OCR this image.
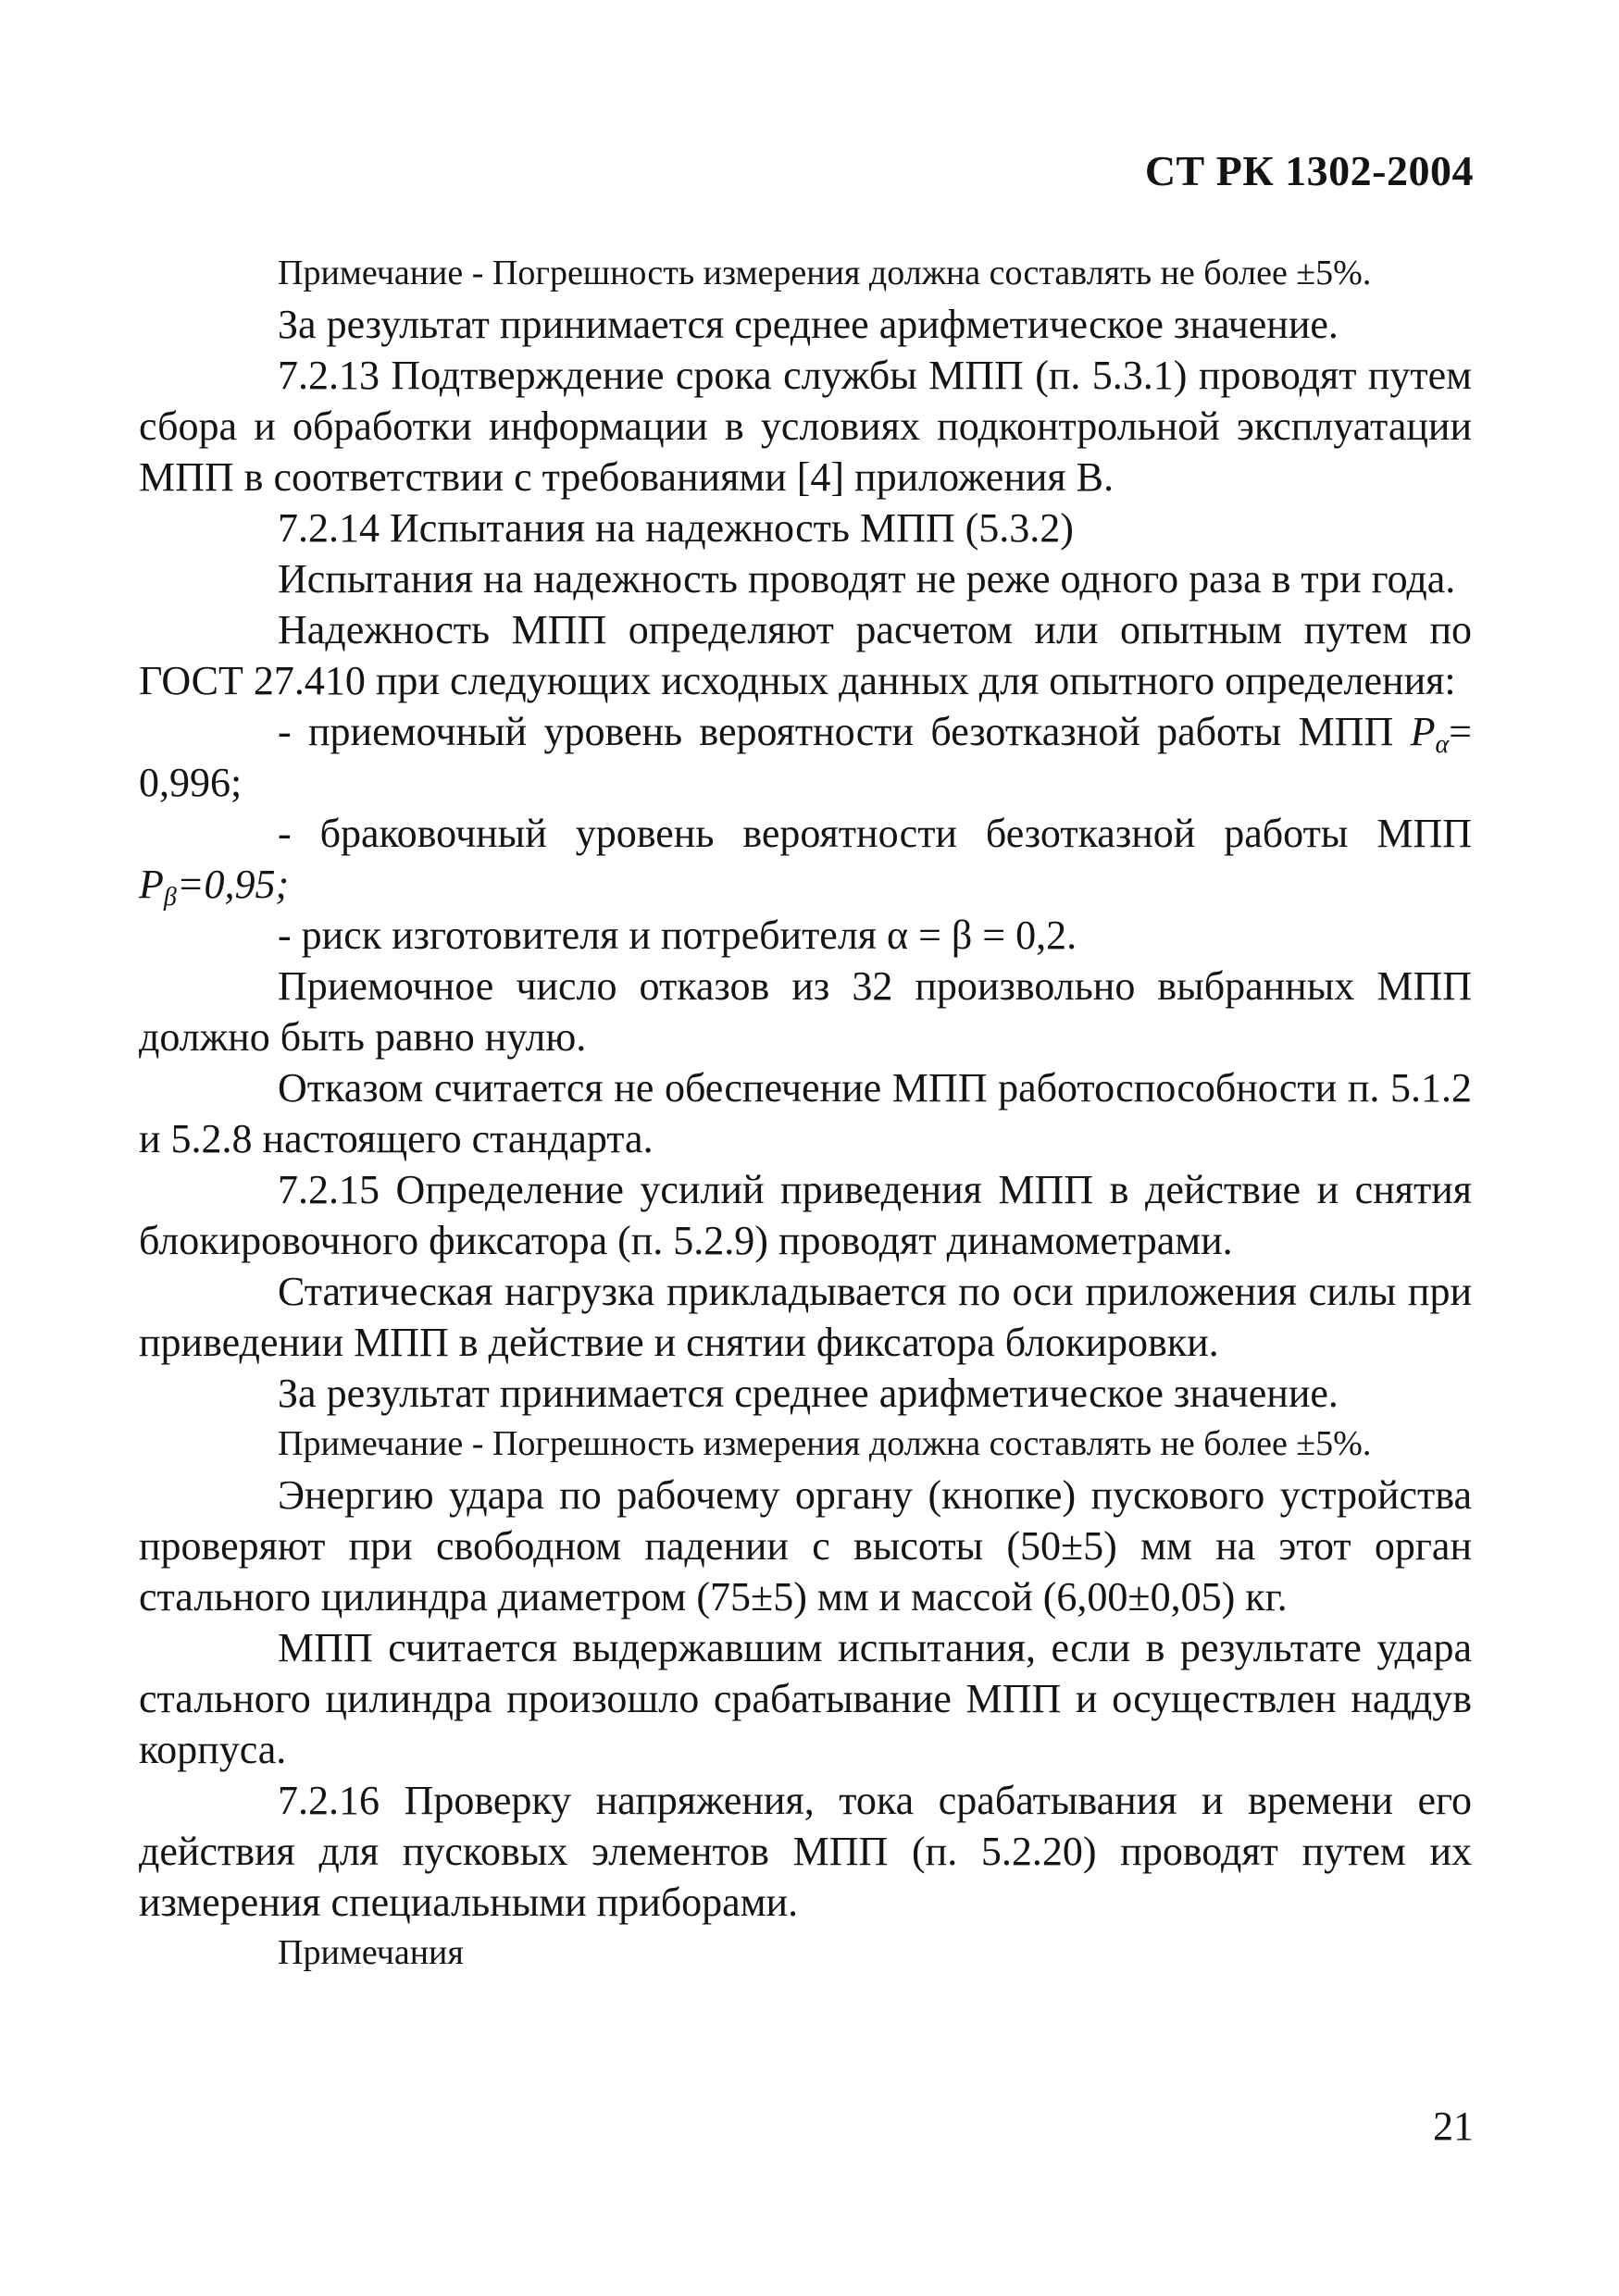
СТ РК 1302-2004

Примечание - Погрешность измерения должна составлять не более ±5%.

За результат принимается среднее арифметическое значение.

7.2.13 Подтверждение срока службы МПП (п. 5.3.1) проводят путем сбора и обработки информации в условиях подконтрольной эксплуатации МПП в соответствии с требованиями [4] приложения В.

7.2.14 Испытания на надежность МПП (5.3.2)

Испытания на надежность проводят не реже одного раза в три года.

Надежность МПП определяют расчетом или опытным путем по ГОСТ 27.410 при следующих исходных данных для опытного определения:

- приемочный уровень вероятности безотказной работы МПП $P_\alpha= 0,996$;

- браковочный уровень вероятности безотказной работы МПП $P_\beta=0,95$;

- риск изготовителя и потребителя α = β = 0,2.

Приемочное число отказов из 32 произвольно выбранных МПП должно быть равно нулю.

Отказом считается не обеспечение МПП работоспособности п. 5.1.2 и 5.2.8 настоящего стандарта.

7.2.15 Определение усилий приведения МПП в действие и снятия блокировочного фиксатора (п. 5.2.9) проводят динамометрами.

Статическая нагрузка прикладывается по оси приложения силы при приведении МПП в действие и снятии фиксатора блокировки.

За результат принимается среднее арифметическое значение.

Примечание - Погрешность измерения должна составлять не более ±5%.

Энергию удара по рабочему органу (кнопке) пускового устройства проверяют при свободном падении с высоты (50±5) мм на этот орган стального цилиндра диаметром (75±5) мм и массой (6,00±0,05) кг.

МПП считается выдержавшим испытания, если в результате удара стального цилиндра произошло срабатывание МПП и осуществлен наддув корпуса.

7.2.16 Проверку напряжения, тока срабатывания и времени его действия для пусковых элементов МПП (п. 5.2.20) проводят путем их измерения специальными приборами.

Примечания

21
